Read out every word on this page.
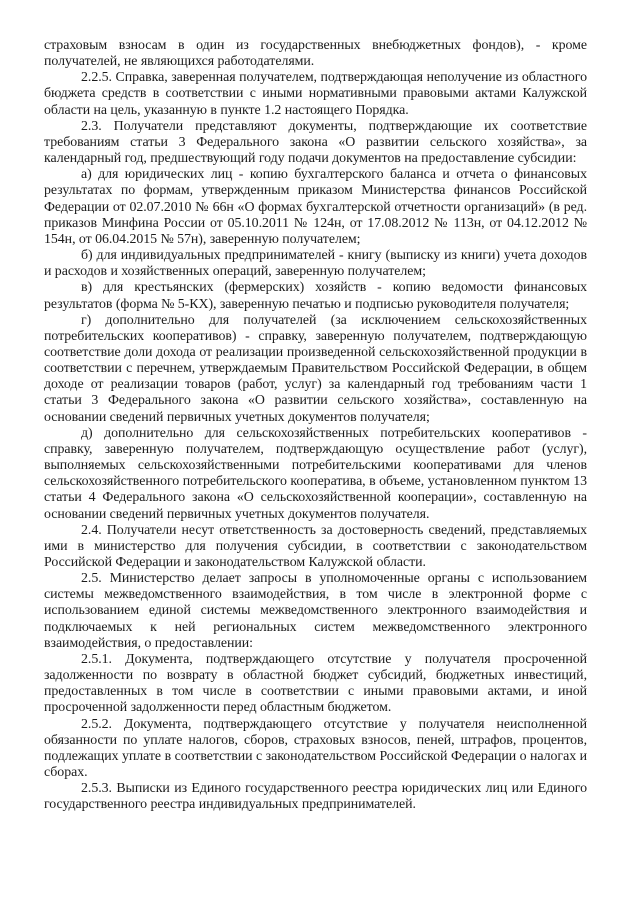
страховым взносам в один из государственных внебюджетных фондов), - кроме получателей, не являющихся работодателями.

2.2.5. Справка, заверенная получателем, подтверждающая неполучение из областного бюджета средств в соответствии с иными нормативными правовыми актами Калужской области на цель, указанную в пункте 1.2 настоящего Порядка.

2.3. Получатели представляют документы, подтверждающие их соответствие требованиям статьи 3 Федерального закона «О развитии сельского хозяйства», за календарный год, предшествующий году подачи документов на предоставление субсидии:

а) для юридических лиц - копию бухгалтерского баланса и отчета о финансовых результатах по формам, утвержденным приказом Министерства финансов Российской Федерации от 02.07.2010 № 66н «О формах бухгалтерской отчетности организаций» (в ред. приказов Минфина России от 05.10.2011 № 124н, от 17.08.2012 № 113н, от 04.12.2012 № 154н, от 06.04.2015 № 57н), заверенную получателем;

б) для индивидуальных предпринимателей - книгу (выписку из книги) учета доходов и расходов и хозяйственных операций, заверенную получателем;

в) для крестьянских (фермерских) хозяйств - копию ведомости финансовых результатов (форма № 5-КХ), заверенную печатью и подписью руководителя получателя;

г) дополнительно для получателей (за исключением сельскохозяйственных потребительских кооперативов) - справку, заверенную получателем, подтверждающую соответствие доли дохода от реализации произведенной сельскохозяйственной продукции в соответствии с перечнем, утверждаемым Правительством Российской Федерации, в общем доходе от реализации товаров (работ, услуг) за календарный год требованиям части 1 статьи 3 Федерального закона «О развитии сельского хозяйства», составленную на основании сведений первичных учетных документов получателя;

д) дополнительно для сельскохозяйственных потребительских кооперативов - справку, заверенную получателем, подтверждающую осуществление работ (услуг), выполняемых сельскохозяйственными потребительскими кооперативами для членов сельскохозяйственного потребительского кооператива, в объеме, установленном пунктом 13 статьи 4 Федерального закона «О сельскохозяйственной кооперации», составленную на основании сведений первичных учетных документов получателя.

2.4. Получатели несут ответственность за достоверность сведений, представляемых ими в министерство для получения субсидии, в соответствии с законодательством Российской Федерации и законодательством Калужской области.

2.5. Министерство делает запросы в уполномоченные органы с использованием системы межведомственного взаимодействия, в том числе в электронной форме с использованием единой системы межведомственного электронного взаимодействия и подключаемых к ней региональных систем межведомственного электронного взаимодействия, о предоставлении:

2.5.1. Документа, подтверждающего отсутствие у получателя просроченной задолженности по возврату в областной бюджет субсидий, бюджетных инвестиций, предоставленных в том числе в соответствии с иными правовыми актами, и иной просроченной задолженности перед областным бюджетом.

2.5.2. Документа, подтверждающего отсутствие у получателя неисполненной обязанности по уплате налогов, сборов, страховых взносов, пеней, штрафов, процентов, подлежащих уплате в соответствии с законодательством Российской Федерации о налогах и сборах.

2.5.3. Выписки из Единого государственного реестра юридических лиц или Единого государственного реестра индивидуальных предпринимателей.
